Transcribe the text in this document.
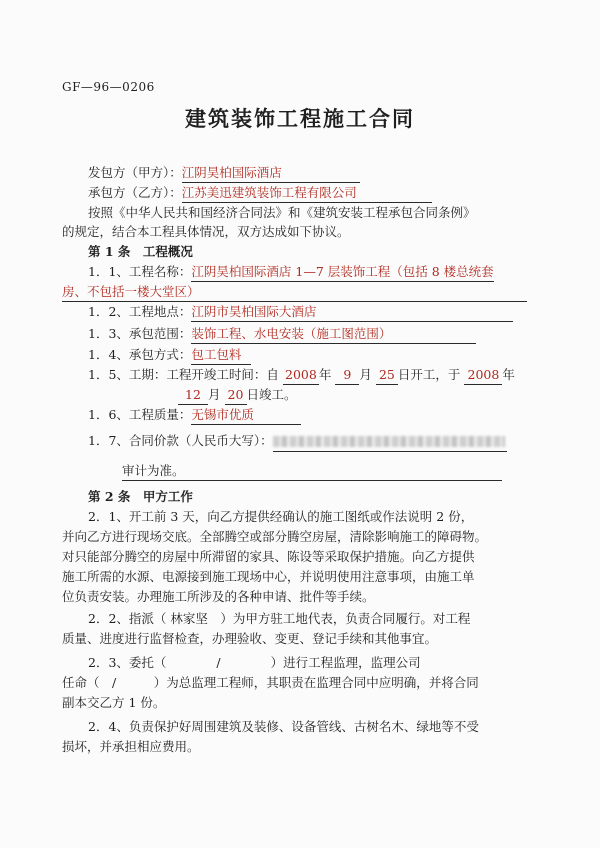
GF—96—0206
建筑装饰工程施工合同
发包方（甲方）：江阴昊柏国际酒店
承包方（乙方）：江苏美迅建筑装饰工程有限公司
按照《中华人民共和国经济合同法》和《建筑安装工程承包合同条例》
的规定，结合本工程具体情况，双方达成如下协议。
第 1 条　工程概况
1．1、工程名称：江阴昊柏国际酒店 1—7 层装饰工程（包括 8 楼总统套
房、不包括一楼大堂区）
1．2、工程地点：江阴市昊柏国际大酒店
1．3、承包范围：装饰工程、水电安装（施工图范围）
1．4、承包方式：包工包料
1．5、工期：工程开竣工时间：自 2008 年 9 月 25 日开工，于 2008 年
12 月 20 日竣工。
1．6、工程质量：无锡市优质
1．7、合同价款（人民币大写）：
审计为准。
第 2 条　甲方工作
2．1、开工前 3 天，向乙方提供经确认的施工图纸或作法说明 2 份，
并向乙方进行现场交底。全部腾空或部分腾空房屋，清除影响施工的障碍物。
对只能部分腾空的房屋中所滞留的家具、陈设等采取保护措施。向乙方提供
施工所需的水源、电源接到施工现场中心，并说明使用注意事项，由施工单
位负责安装。办理施工所涉及的各种申请、批件等手续。
2．2、指派（ 林家坚　）为甲方驻工地代表，负责合同履行。对工程
质量、进度进行监督检查，办理验收、变更、登记手续和其他事宜。
2．3、委托（　　　　/　　　　）进行工程监理，监理公司
任命（　/　　　）为总监理工程师，其职责在监理合同中应明确，并将合同
副本交乙方 1 份。
2．4、负责保护好周围建筑及装修、设备管线、古树名木、绿地等不受
损坏，并承担相应费用。
